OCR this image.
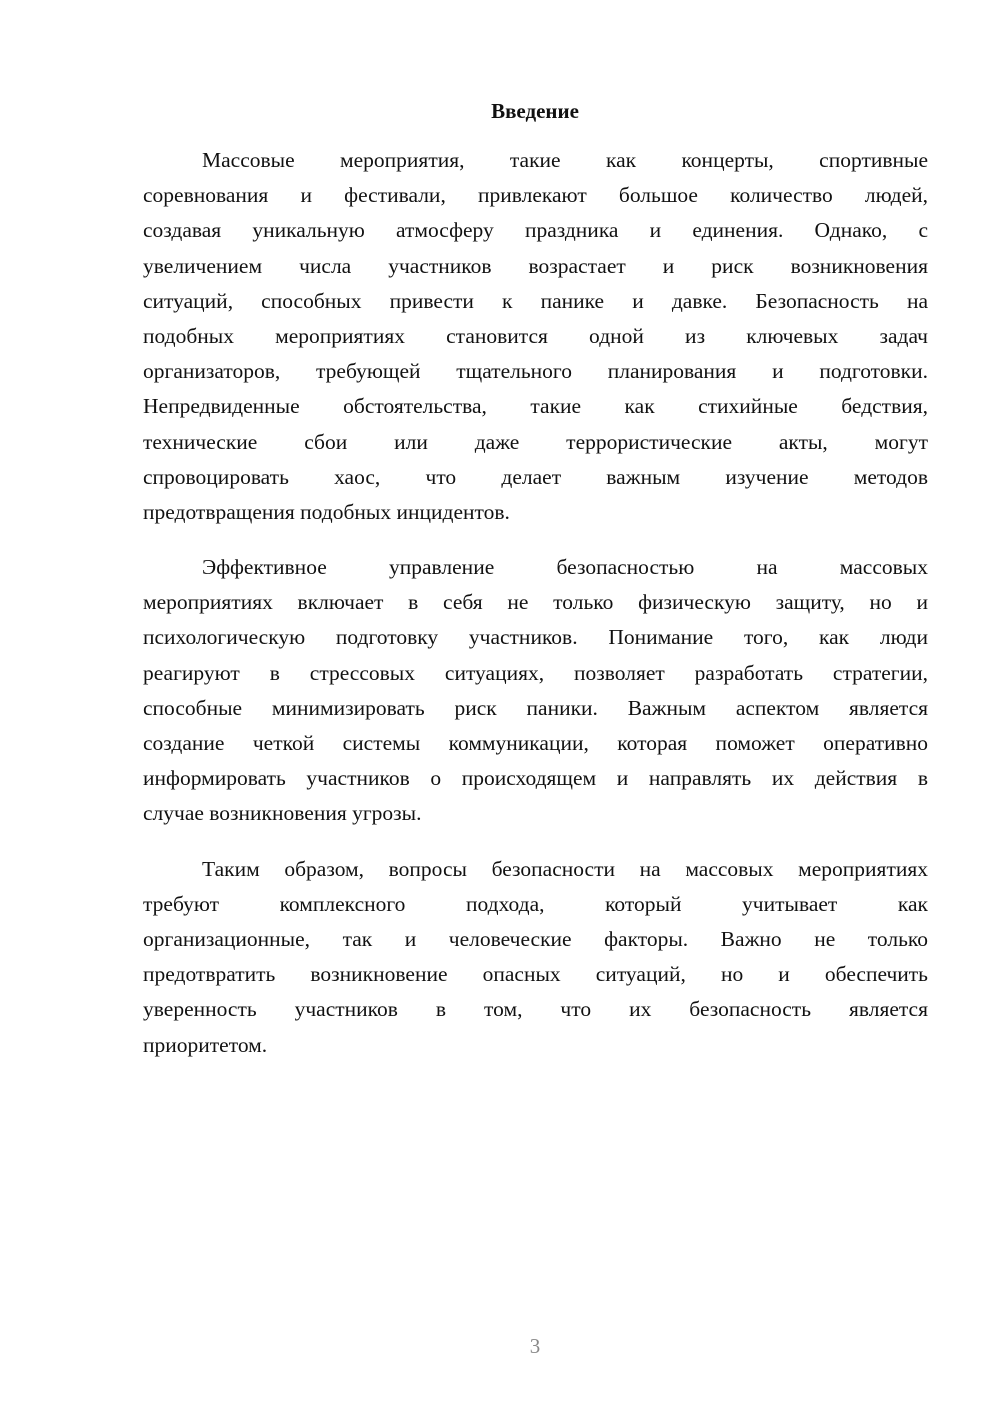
Введение
Массовые мероприятия, такие как концерты, спортивные
соревнования и фестивали, привлекают большое количество людей,
создавая уникальную атмосферу праздника и единения. Однако, с
увеличением числа участников возрастает и риск возникновения
ситуаций, способных привести к панике и давке. Безопасность на
подобных мероприятиях становится одной из ключевых задач
организаторов, требующей тщательного планирования и подготовки.
Непредвиденные обстоятельства, такие как стихийные бедствия,
технические сбои или даже террористические акты, могут
спровоцировать хаос, что делает важным изучение методов
предотвращения подобных инцидентов.
Эффективное управление безопасностью на массовых
мероприятиях включает в себя не только физическую защиту, но и
психологическую подготовку участников. Понимание того, как люди
реагируют в стрессовых ситуациях, позволяет разработать стратегии,
способные минимизировать риск паники. Важным аспектом является
создание четкой системы коммуникации, которая поможет оперативно
информировать участников о происходящем и направлять их действия в
случае возникновения угрозы.
Таким образом, вопросы безопасности на массовых мероприятиях
требуют комплексного подхода, который учитывает как
организационные, так и человеческие факторы. Важно не только
предотвратить возникновение опасных ситуаций, но и обеспечить
уверенность участников в том, что их безопасность является
приоритетом.
3
